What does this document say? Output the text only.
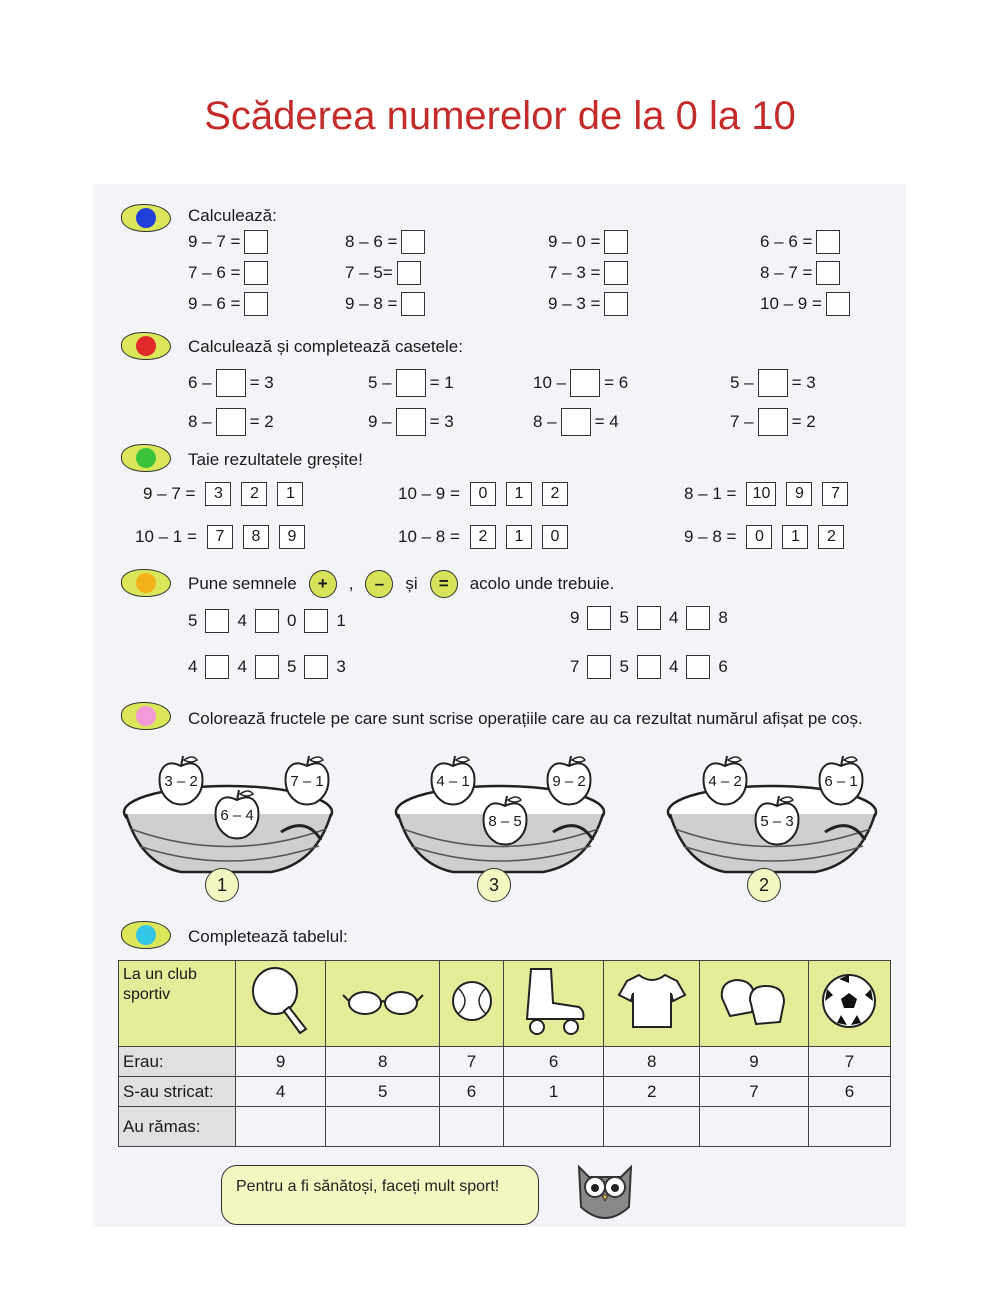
Scăderea numerelor de la 0 la 10
Calculează:
9 – 7 =	8 – 6 =	9 – 0 =	6 – 6 =
7 – 6 =	7 – 5=	7 – 3 =	8 – 7 =
9 – 6 =	9 – 8 =	9 – 3 =	10 – 9 =
Calculează și completează casetele:
6 – = 3	5 – = 1	10 – = 6	5 – = 3
8 – = 2	9 – = 3	8 – = 4	7 – = 2
Taie rezultatele greșite!
9 – 7 =	3	2	1	10 – 9 =	0	1	2	8 – 1 =	10	9	7
10 – 1 =	7	8	9	10 – 8 =	2	1	0	9 – 8 =	0	1	2
Pune semnele	+	,	–	și	=	acolo unde trebuie.
5 4 0 1	9 5 4 8
4 4 5 3	7 5 4 6
Colorează fructele pe care sunt scrise operațiile care au ca rezultat numărul afișat pe coș.
3 – 2
6 – 4
7 – 1
1
4 – 1
8 – 5
9 – 2
3
4 – 2
5 – 3
6 – 1
2
Completează tabelul:
La un club sportiv							
Erau:	9	8	7	6	8	9	7
S-au stricat:	4	5	6	1	2	7	6
Au rămas:							
Pentru a fi sănătoși, faceți mult sport!
